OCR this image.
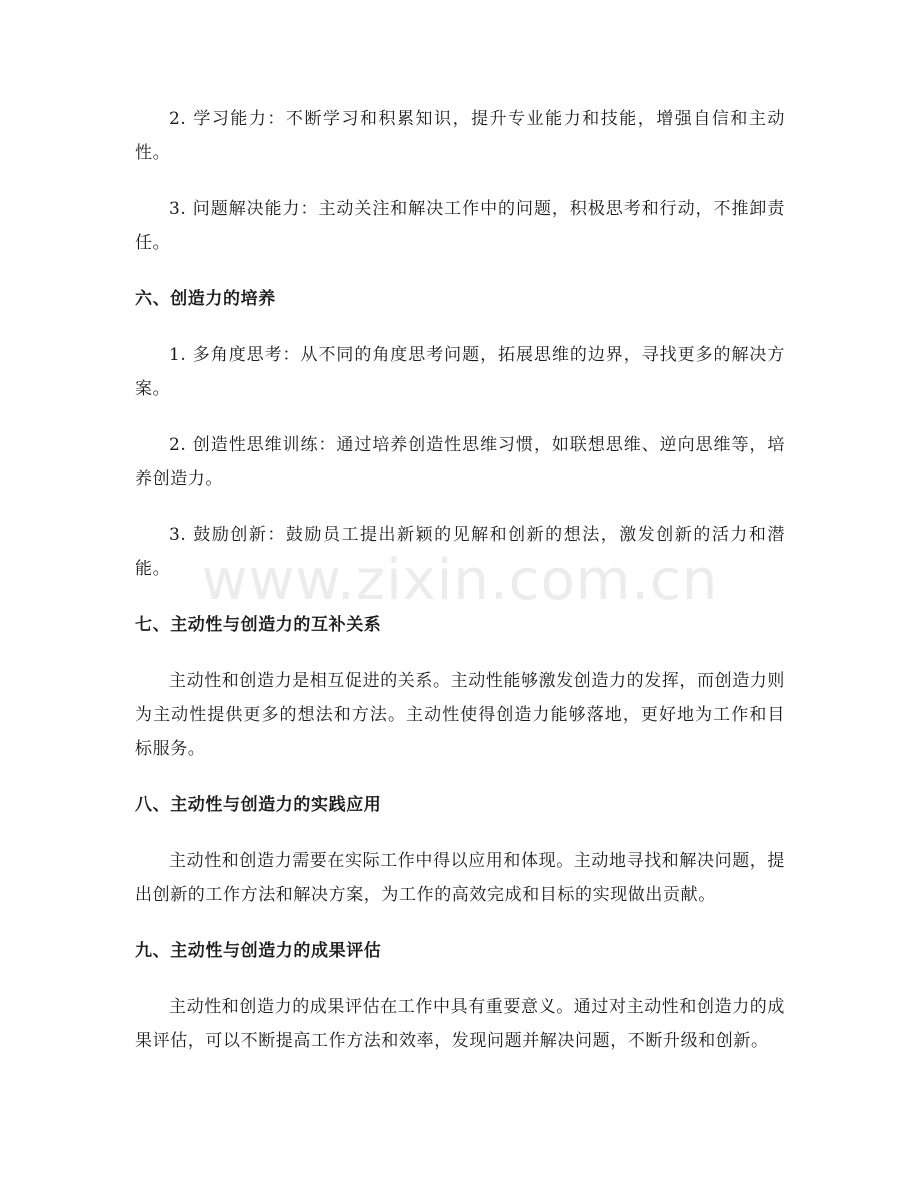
2. 学习能力：不断学习和积累知识，提升专业能力和技能，增强自信和主动性。

3. 问题解决能力：主动关注和解决工作中的问题，积极思考和行动，不推卸责任。

六、创造力的培养

1. 多角度思考：从不同的角度思考问题，拓展思维的边界，寻找更多的解决方案。

2. 创造性思维训练：通过培养创造性思维习惯，如联想思维、逆向思维等，培养创造力。

3. 鼓励创新：鼓励员工提出新颖的见解和创新的想法，激发创新的活力和潜能。

七、主动性与创造力的互补关系

主动性和创造力是相互促进的关系。主动性能够激发创造力的发挥，而创造力则为主动性提供更多的想法和方法。主动性使得创造力能够落地，更好地为工作和目标服务。

八、主动性与创造力的实践应用

主动性和创造力需要在实际工作中得以应用和体现。主动地寻找和解决问题，提出创新的工作方法和解决方案，为工作的高效完成和目标的实现做出贡献。

九、主动性与创造力的成果评估

主动性和创造力的成果评估在工作中具有重要意义。通过对主动性和创造力的成果评估，可以不断提高工作方法和效率，发现问题并解决问题，不断升级和创新。

www.zixin.com.cn
